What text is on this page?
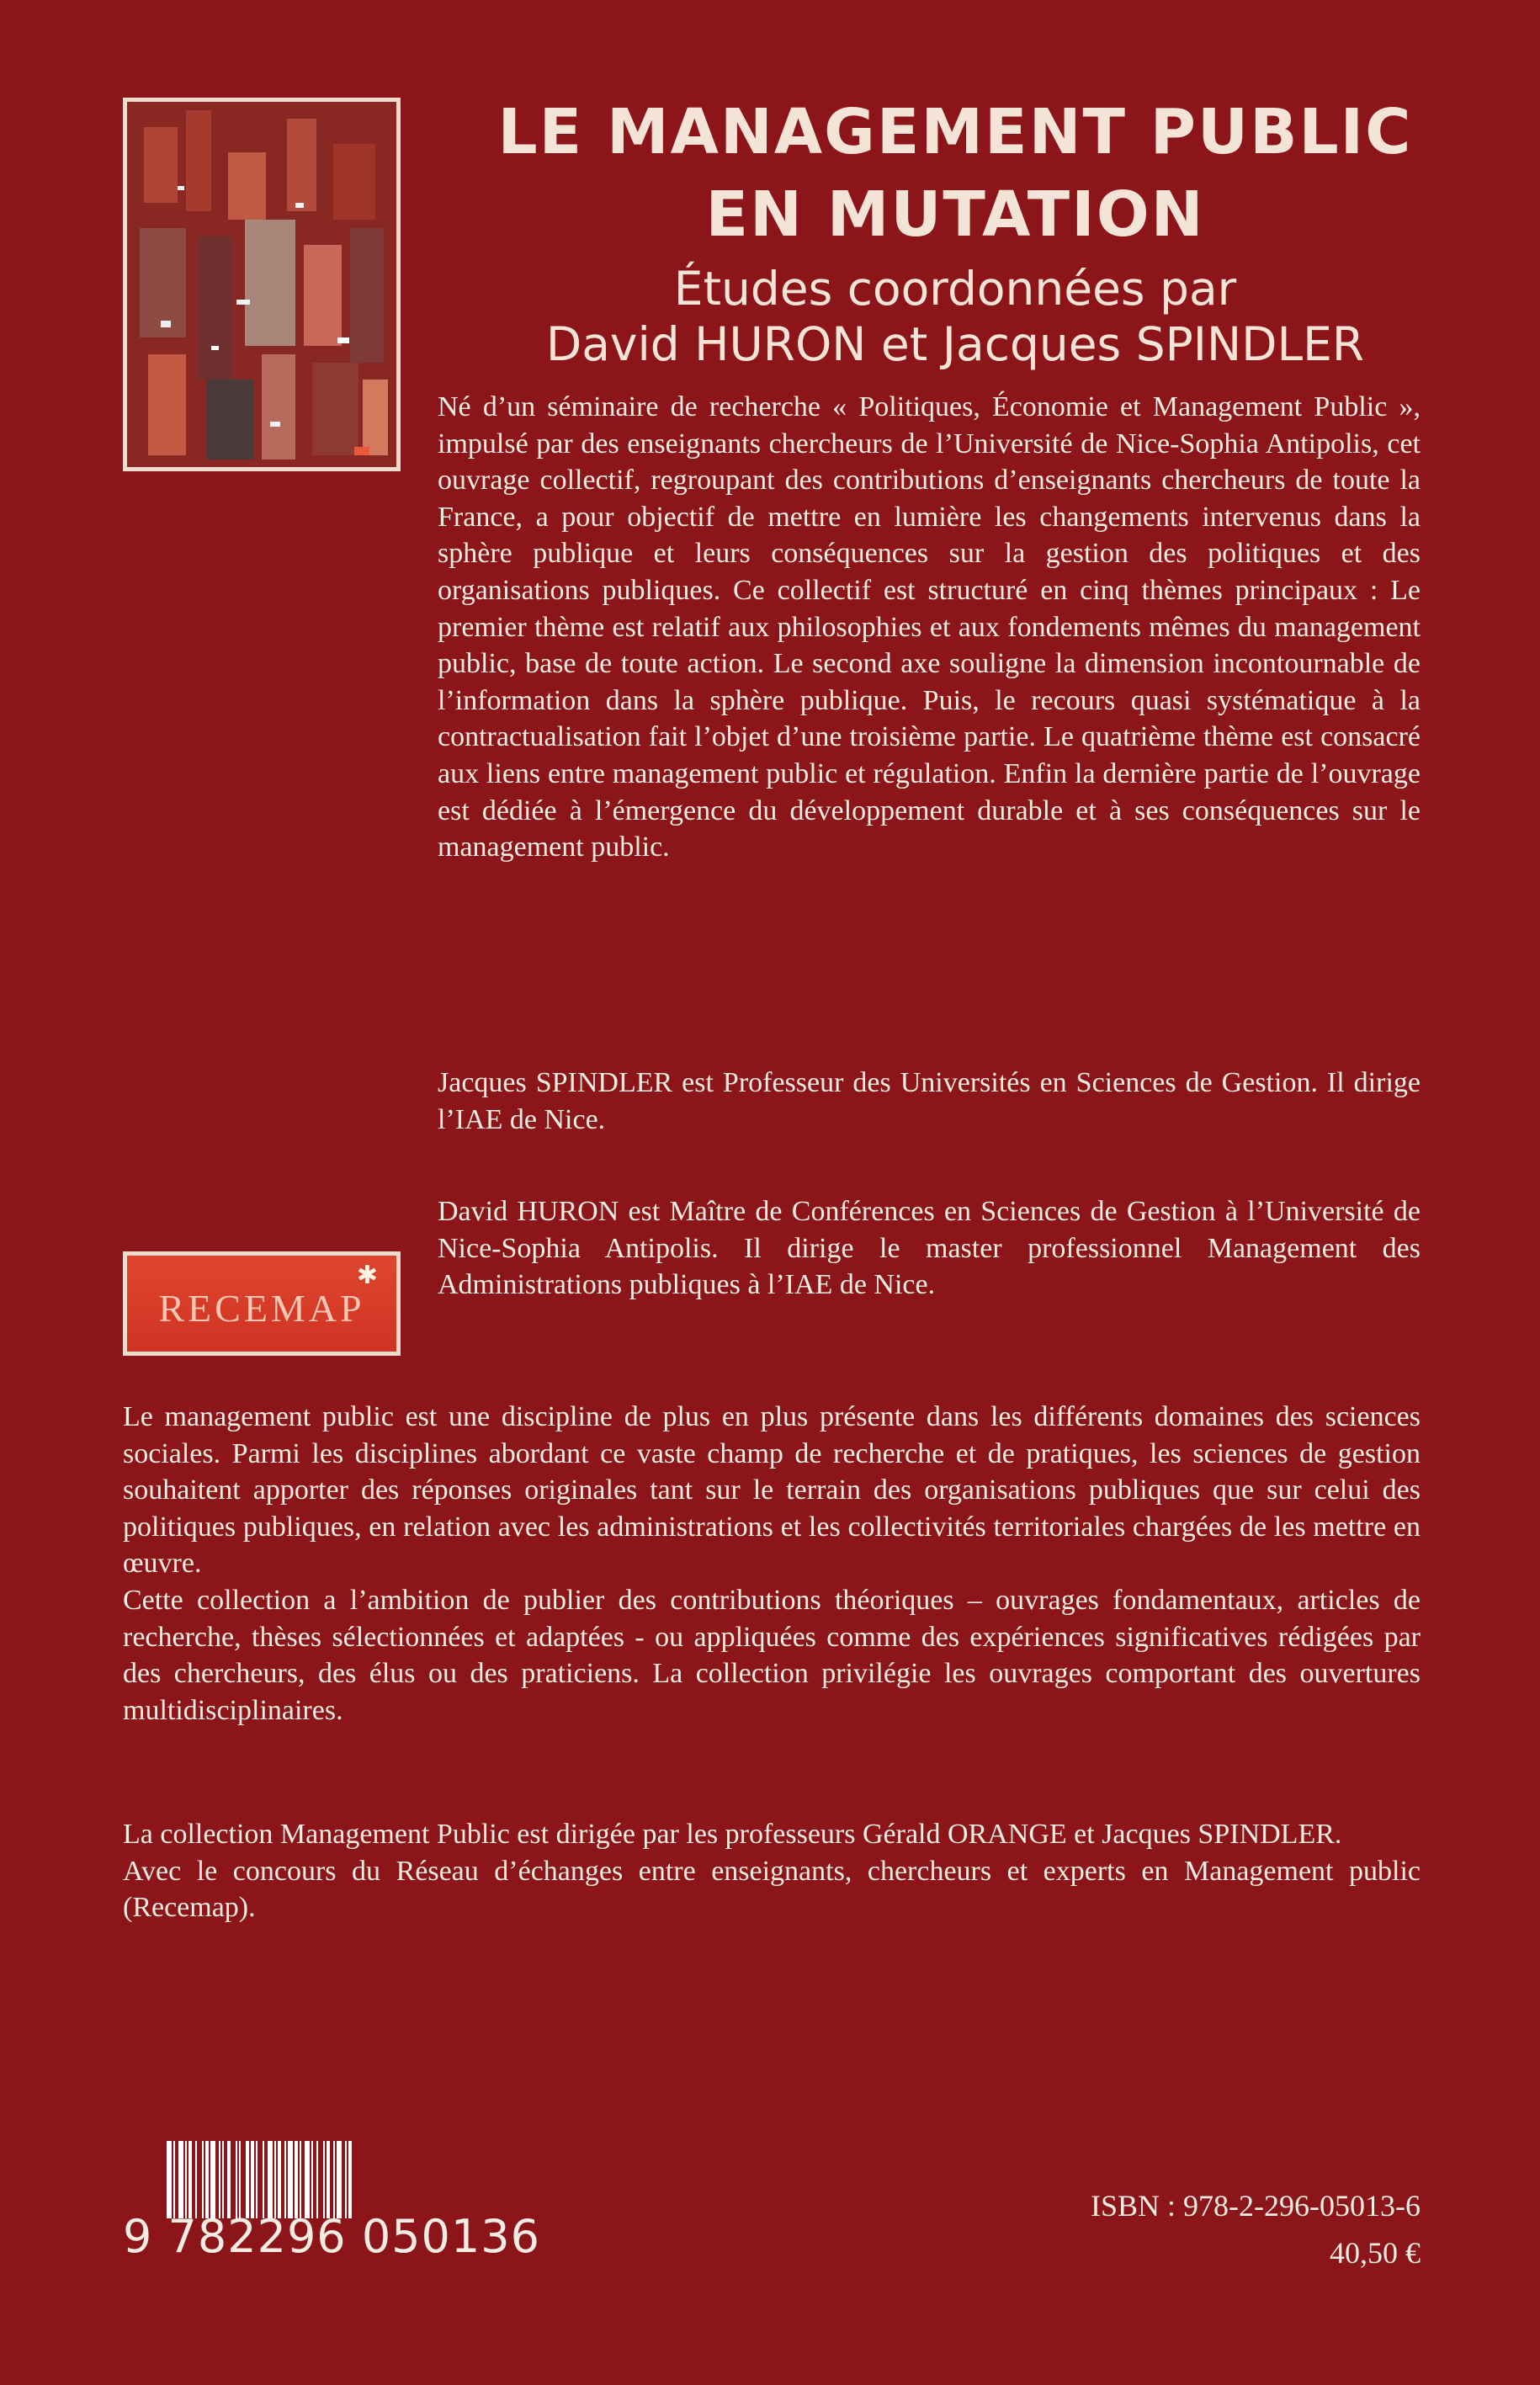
LE MANAGEMENT PUBLIC
EN MUTATION
Études coordonnées par
David HURON et Jacques SPINDLER

Né d’un séminaire de recherche « Politiques, Économie et Management Public », impulsé par des enseignants chercheurs de l’Université de Nice-Sophia Antipolis, cet ouvrage collectif, regroupant des contributions d’enseignants chercheurs de toute la France, a pour objectif de mettre en lumière les changements intervenus dans la sphère publique et leurs conséquences sur la gestion des politiques et des organisations publiques. Ce collectif est structuré en cinq thèmes principaux : Le premier thème est relatif aux philosophies et aux fondements mêmes du management public, base de toute action. Le second axe souligne la dimension incontournable de l’information dans la sphère publique. Puis, le recours quasi systématique à la contractualisation fait l’objet d’une troisième partie. Le quatrième thème est consacré aux liens entre management public et régulation. Enfin la dernière partie de l’ouvrage est dédiée à l’émergence du développement durable et à ses conséquences sur le management public.

Jacques SPINDLER est Professeur des Universités en Sciences de Gestion. Il dirige l’IAE de Nice.

David HURON est Maître de Conférences en Sciences de Gestion à l’Université de Nice-Sophia Antipolis. Il dirige le master professionnel Management des Administrations publiques à l’IAE de Nice.

RECEMAP
✱

Le management public est une discipline de plus en plus présente dans les différents domaines des sciences sociales. Parmi les disciplines abordant ce vaste champ de recherche et de pratiques, les sciences de gestion souhaitent apporter des réponses originales tant sur le terrain des organisations publiques que sur celui des politiques publiques, en relation avec les administrations et les collectivités territoriales chargées de les mettre en œuvre.

Cette collection a l’ambition de publier des contributions théoriques – ouvrages fondamentaux, articles de recherche, thèses sélectionnées et adaptées - ou appliquées comme des expériences significatives rédigées par des chercheurs, des élus ou des praticiens. La collection privilégie les ouvrages comportant des ouvertures multidisciplinaires.

La collection Management Public est dirigée par les professeurs Gérald ORANGE et Jacques SPINDLER.

Avec le concours du Réseau d’échanges entre enseignants, chercheurs et experts en Management public (Recemap).

9 782296 050136
ISBN : 978-2-296-05013-6
40,50 €
